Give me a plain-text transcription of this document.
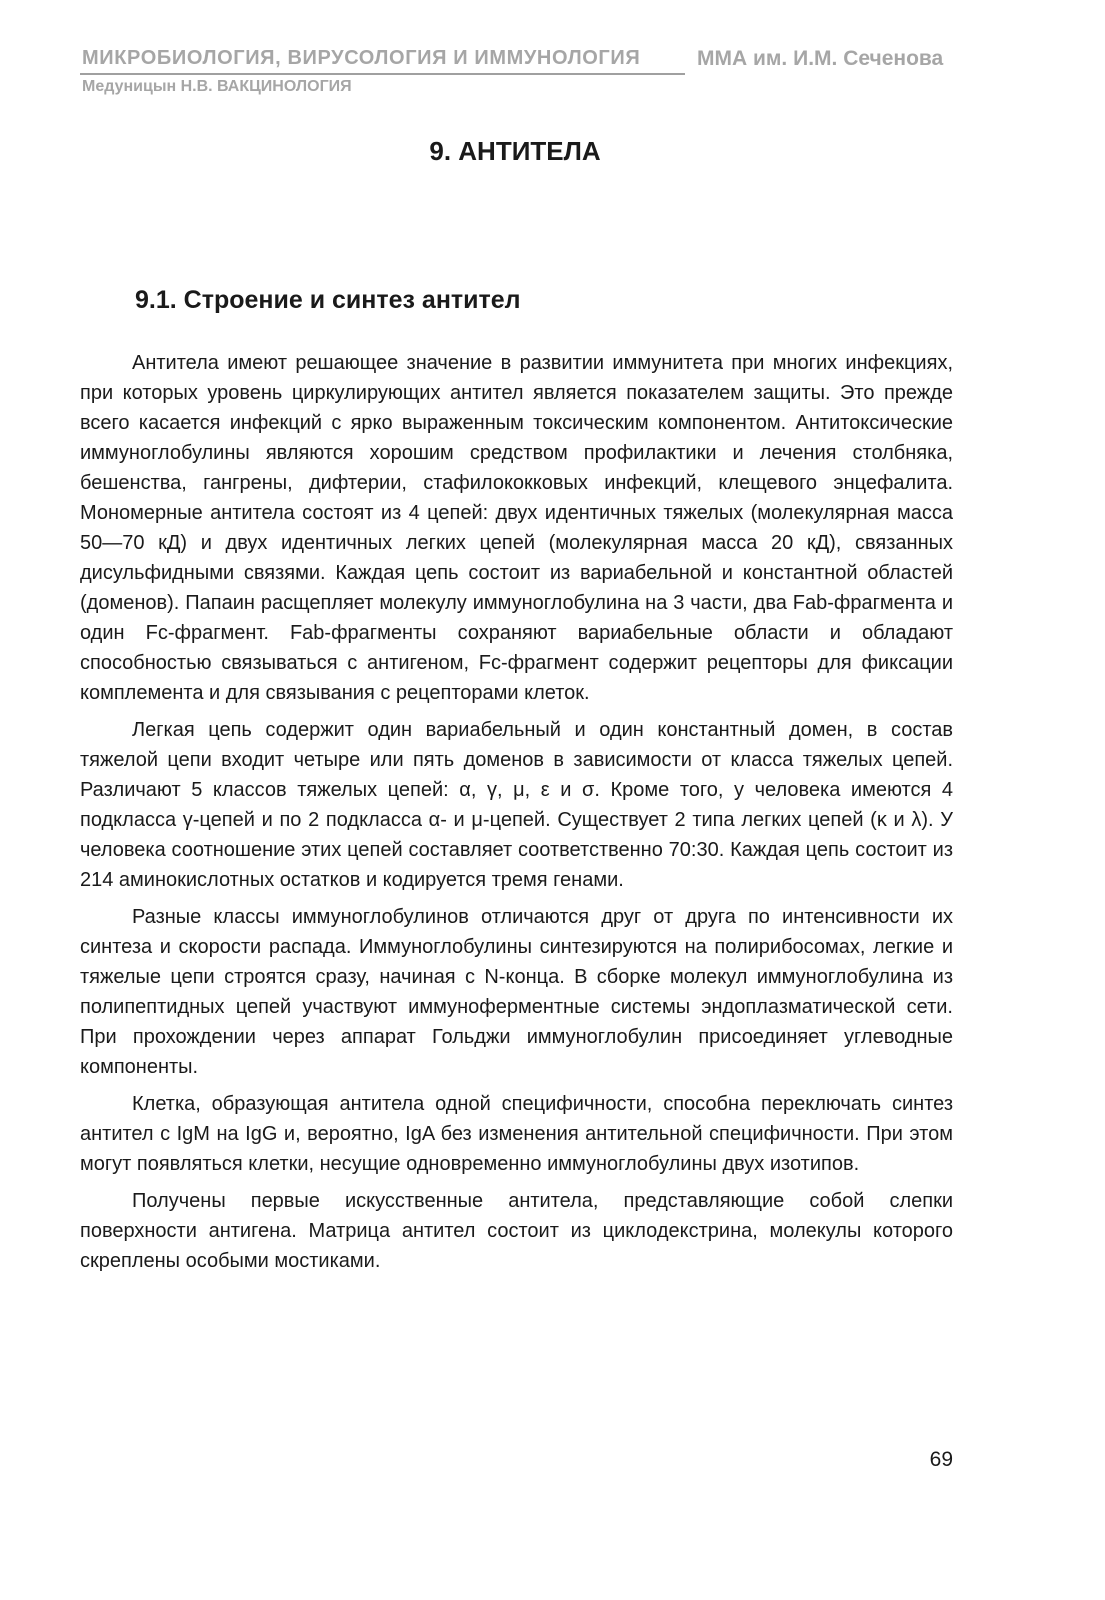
МИКРОБИОЛОГИЯ, ВИРУСОЛОГИЯ И ИММУНОЛОГИЯ	ММА им. И.М. Сеченова
Медуницын Н.В. ВАКЦИНОЛОГИЯ
9. АНТИТЕЛА
9.1. Строение и синтез антител

Антитела имеют решающее значение в развитии иммунитета при многих инфекциях, при которых уровень циркулирующих антител является показателем защиты. Это прежде всего касается инфекций с ярко выраженным токсическим компонентом. Антитоксические иммуноглобулины являются хорошим средством профилактики и лечения столбняка, бешенства, гангрены, дифтерии, стафилококковых инфекций, клещевого энцефалита. Мономерные антитела состоят из 4 цепей: двух идентичных тяжелых (молекулярная масса 50—70 кД) и двух идентичных легких цепей (молекулярная масса 20 кД), связанных дисульфидными связями. Каждая цепь состоит из вариабельной и константной областей (доменов). Папаин расщепляет молекулу иммуноглобулина на 3 части, два Fab-фрагмента и один Fc-фрагмент. Fab-фрагменты сохраняют вариабельные области и обладают способностью связываться с антигеном, Fc-фрагмент содержит рецепторы для фиксации комплемента и для связывания с рецепторами клеток.

Легкая цепь содержит один вариабельный и один константный домен, в состав тяжелой цепи входит четыре или пять доменов в зависимости от класса тяжелых цепей. Различают 5 классов тяжелых цепей: α, γ, μ, ε и σ. Кроме того, у человека имеются 4 подкласса γ-цепей и по 2 подкласса α- и μ-цепей. Существует 2 типа легких цепей (κ и λ). У человека соотношение этих цепей составляет соответственно 70:30. Каждая цепь состоит из 214 аминокислотных остатков и кодируется тремя генами.

Разные классы иммуноглобулинов отличаются друг от друга по интенсивности их синтеза и скорости распада. Иммуноглобулины синтезируются на полирибосомах, легкие и тяжелые цепи строятся сразу, начиная с N-конца. В сборке молекул иммуноглобулина из полипептидных цепей участвуют иммуноферментные системы эндоплазматической сети. При прохождении через аппарат Гольджи иммуноглобулин присоединяет углеводные компоненты.

Клетка, образующая антитела одной специфичности, способна переключать синтез антител с IgM на IgG и, вероятно, IgA без изменения антительной специфичности. При этом могут появляться клетки, несущие одновременно иммуноглобулины двух изотипов.

Получены первые искусственные антитела, представляющие собой слепки поверхности антигена. Матрица антител состоит из циклодекстрина, молекулы которого скреплены особыми мостиками.

69
